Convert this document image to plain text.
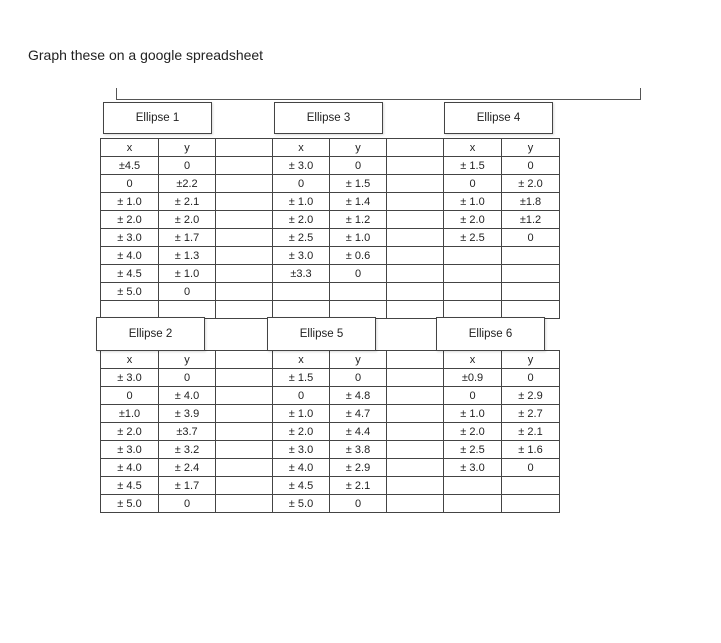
Graph these on a google spreadsheet
x	y		x	y		x	y
±4.5	0		± 3.0	0		± 1.5	0
0	±2.2		0	± 1.5		0	± 2.0
± 1.0	± 2.1		± 1.0	± 1.4		± 1.0	±1.8
± 2.0	± 2.0		± 2.0	± 1.2		± 2.0	±1.2
± 3.0	± 1.7		± 2.5	± 1.0		± 2.5	0
± 4.0	± 1.3		± 3.0	± 0.6			
± 4.5	± 1.0		±3.3	0			
± 5.0	0						

x	y		x	y		x	y
± 3.0	0		± 1.5	0		±0.9	0
0	± 4.0		0	± 4.8		0	± 2.9
±1.0	± 3.9		± 1.0	± 4.7		± 1.0	± 2.7
± 2.0	±3.7		± 2.0	± 4.4		± 2.0	± 2.1
± 3.0	± 3.2		± 3.0	± 3.8		± 2.5	± 1.6
± 4.0	± 2.4		± 4.0	± 2.9		± 3.0	0
± 4.5	± 1.7		± 4.5	± 2.1			
± 5.0	0		± 5.0	0			
Ellipse 1	Ellipse 3	Ellipse 4
Ellipse 2	Ellipse 5	Ellipse 6
